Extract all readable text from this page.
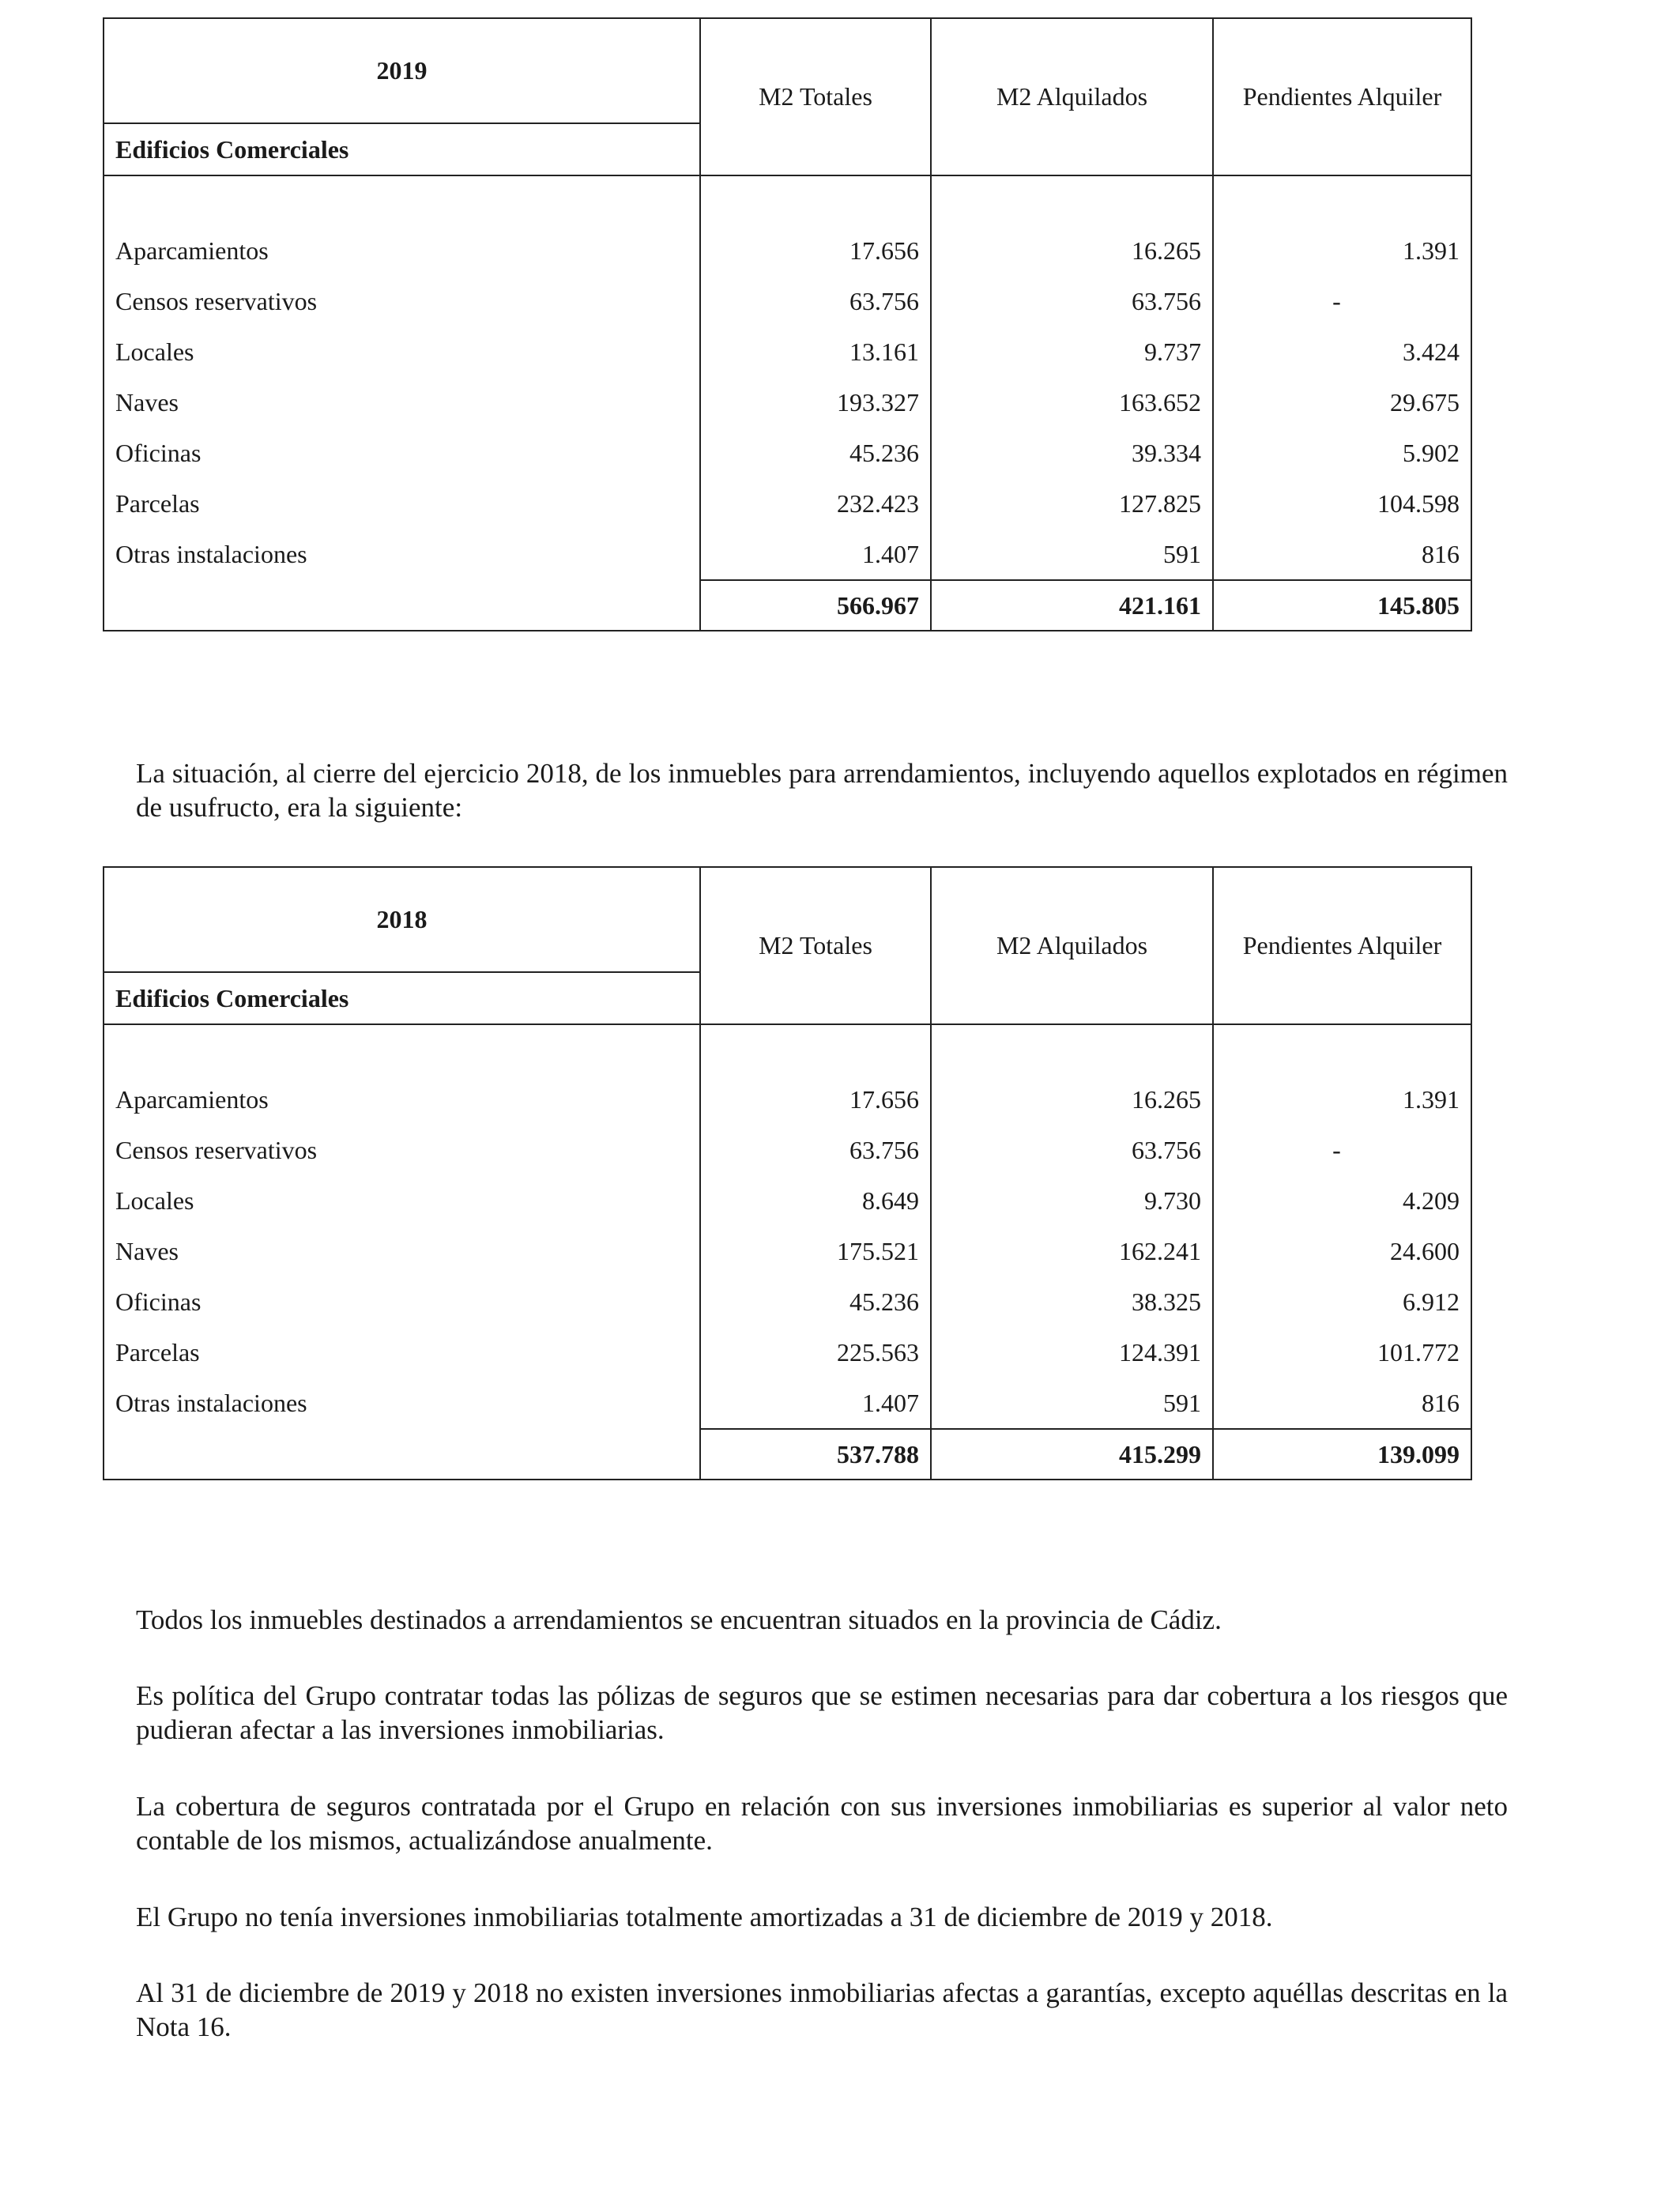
2019	M2 Totales	M2 Alquilados	Pendientes Alquiler
Edificios Comerciales			

Aparcamientos	17.656	16.265	1.391
Censos reservativos	63.756	63.756	-
Locales	13.161	9.737	3.424
Naves	193.327	163.652	29.675
Oficinas	45.236	39.334	5.902
Parcelas	232.423	127.825	104.598
Otras instalaciones	1.407	591	816
	566.967	421.161	145.805

La situación, al cierre del ejercicio 2018, de los inmuebles para arrendamientos, incluyendo aquellos explotados en régimen de usufructo, era la siguiente:

2018	M2 Totales	M2 Alquilados	Pendientes Alquiler
Edificios Comerciales			

Aparcamientos	17.656	16.265	1.391
Censos reservativos	63.756	63.756	-
Locales	8.649	9.730	4.209
Naves	175.521	162.241	24.600
Oficinas	45.236	38.325	6.912
Parcelas	225.563	124.391	101.772
Otras instalaciones	1.407	591	816
	537.788	415.299	139.099

Todos los inmuebles destinados a arrendamientos se encuentran situados en la provincia de Cádiz.

Es política del Grupo contratar todas las pólizas de seguros que se estimen necesarias para dar cobertura a los riesgos que pudieran afectar a las inversiones inmobiliarias.

La cobertura de seguros contratada por el Grupo en relación con sus inversiones inmobiliarias es superior al valor neto contable de los mismos, actualizándose anualmente.

El Grupo no tenía inversiones inmobiliarias totalmente amortizadas a 31 de diciembre de 2019 y 2018.

Al 31 de diciembre de 2019 y 2018 no existen inversiones inmobiliarias afectas a garantías, excepto aquéllas descritas en la Nota 16.
